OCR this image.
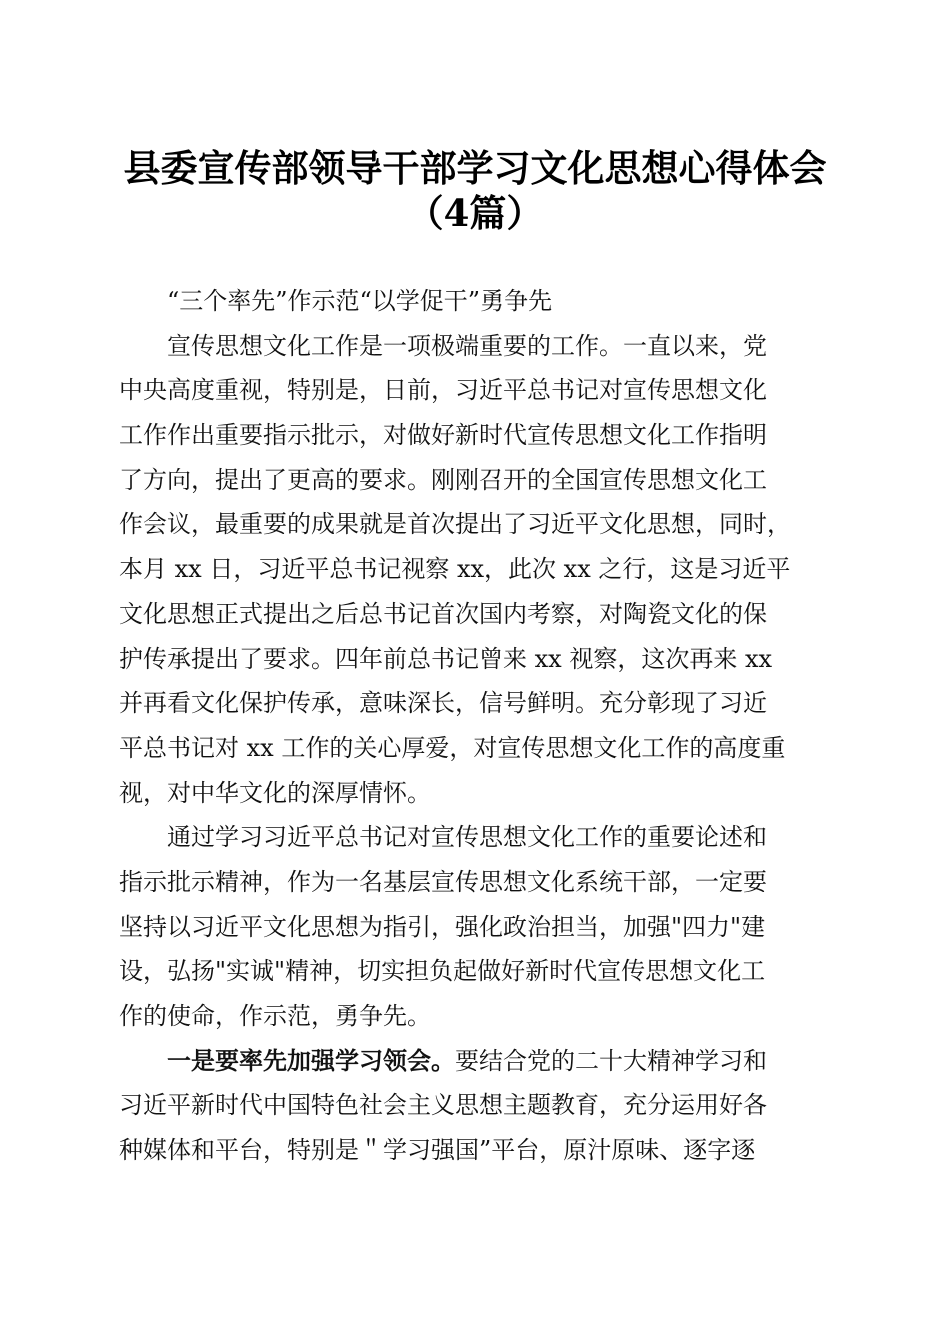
县委宣传部领导干部学习文化思想心得体会
（4篇）
“三个率先”作示范“以学促干”勇争先
宣传思想文化工作是一项极端重要的工作。一直以来，党
中央高度重视，特别是，日前，习近平总书记对宣传思想文化
工作作出重要指示批示，对做好新时代宣传思想文化工作指明
了方向，提出了更高的要求。刚刚召开的全国宣传思想文化工
作会议，最重要的成果就是首次提出了习近平文化思想，同时，
本月 xx 日，习近平总书记视察 xx，此次 xx 之行，这是习近平
文化思想正式提出之后总书记首次国内考察，对陶瓷文化的保
护传承提出了要求。四年前总书记曾来 xx 视察，这次再来 xx
并再看文化保护传承，意味深长，信号鲜明。充分彰现了习近
平总书记对 xx 工作的关心厚爱，对宣传思想文化工作的高度重
视，对中华文化的深厚情怀。
通过学习习近平总书记对宣传思想文化工作的重要论述和
指示批示精神，作为一名基层宣传思想文化系统干部，一定要
坚持以习近平文化思想为指引，强化政治担当，加强"四力"建
设，弘扬"实诚"精神，切实担负起做好新时代宣传思想文化工
作的使命，作示范，勇争先。
一是要率先加强学习领会。要结合党的二十大精神学习和
习近平新时代中国特色社会主义思想主题教育，充分运用好各
种媒体和平台，特别是＂学习强国”平台，原汁原味、逐字逐
